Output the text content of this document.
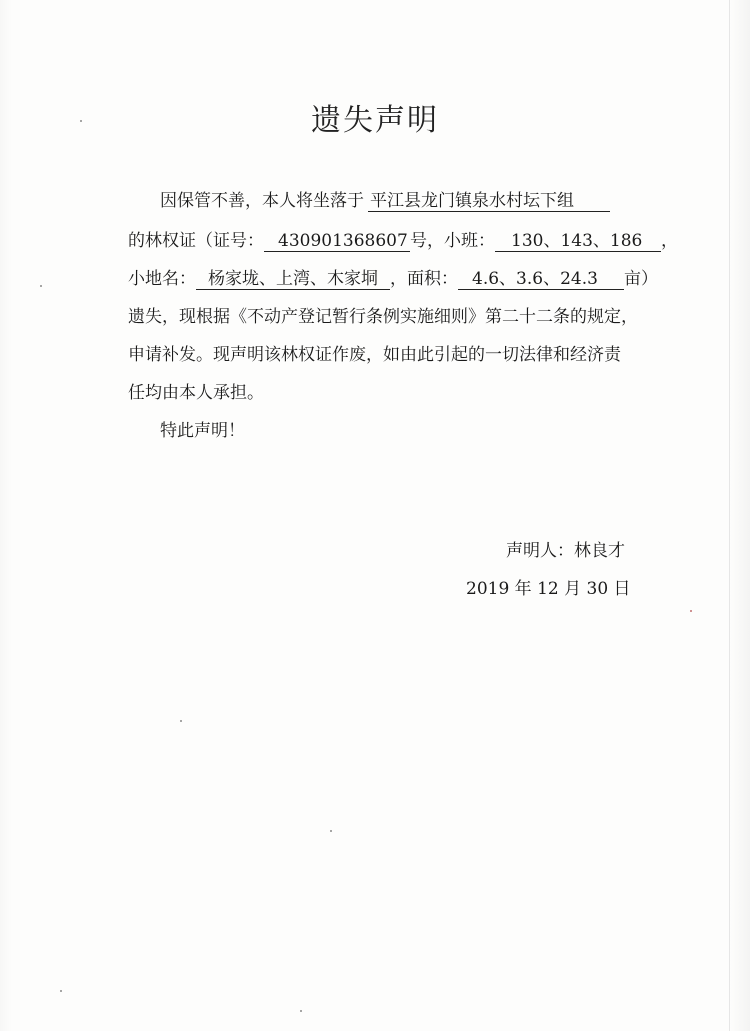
遗失声明
因保管不善，本人将坐落于 平江县龙门镇泉水村坛下组
的林权证（证号： 430901368607 号，小班： 130、143、186 ，
小地名： 杨家垅、上湾、木家垌 ，面积： 4.6、3.6、24.3 亩）
遗失，现根据《不动产登记暂行条例实施细则》第二十二条的规定，
申请补发。现声明该林权证作废，如由此引起的一切法律和经济责
任均由本人承担。
特此声明！
声明人：林良才
2019 年 12 月 30 日
